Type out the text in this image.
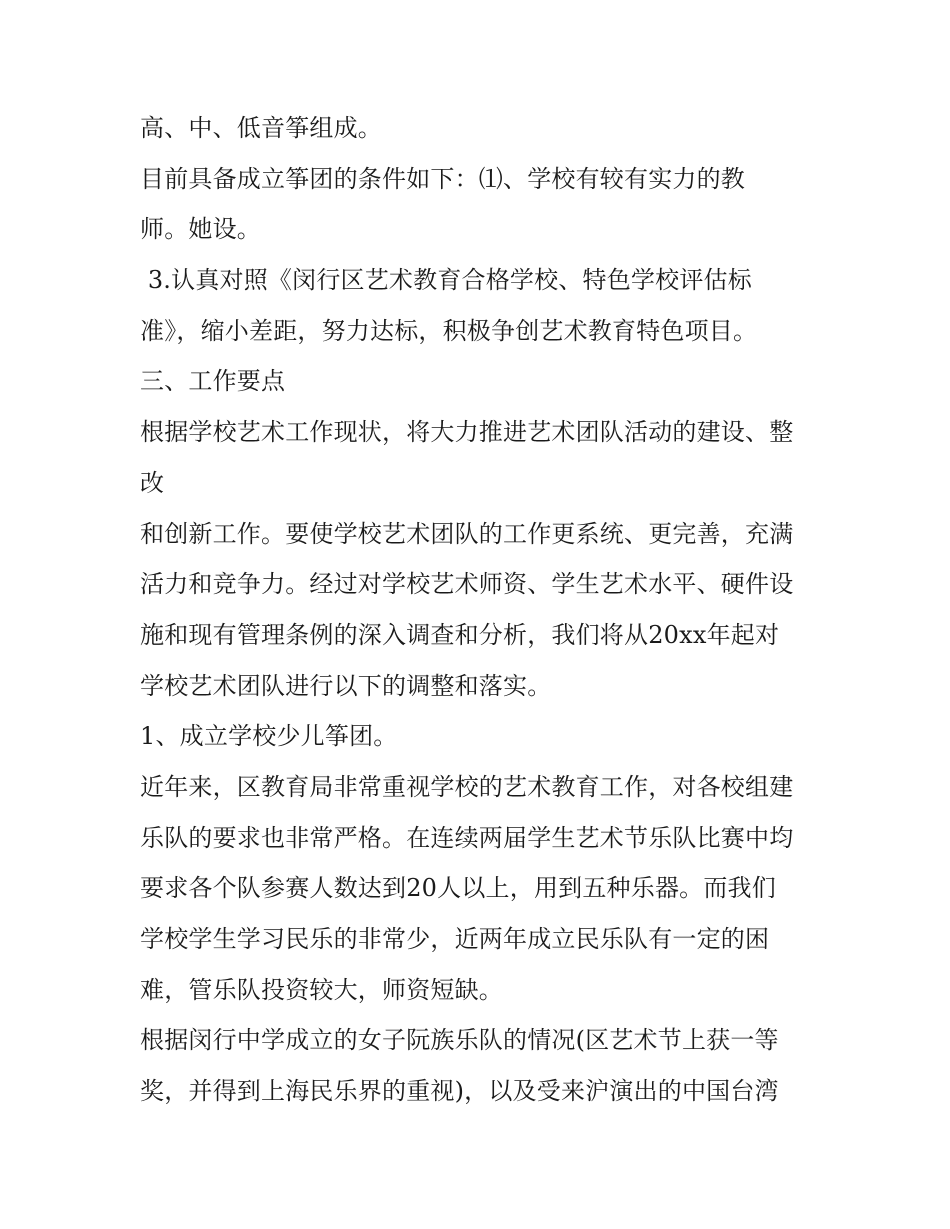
高、中、低音筝组成。
目前具备成立筝团的条件如下：⑴、学校有较有实力的教
师。她设。
3.认真对照《闵行区艺术教育合格学校、特色学校评估标
准》，缩小差距，努力达标，积极争创艺术教育特色项目。
三、工作要点
根据学校艺术工作现状，将大力推进艺术团队活动的建设、整
改
和创新工作。要使学校艺术团队的工作更系统、更完善，充满
活力和竞争力。经过对学校艺术师资、学生艺术水平、硬件设
施和现有管理条例的深入调查和分析，我们将从20xx年起对
学校艺术团队进行以下的调整和落实。
1、成立学校少儿筝团。
近年来，区教育局非常重视学校的艺术教育工作，对各校组建
乐队的要求也非常严格。在连续两届学生艺术节乐队比赛中均
要求各个队参赛人数达到20人以上，用到五种乐器。而我们
学校学生学习民乐的非常少，近两年成立民乐队有一定的困
难，管乐队投资较大，师资短缺。
根据闵行中学成立的女子阮族乐队的情况(区艺术节上获一等
奖，并得到上海民乐界的重视)，以及受来沪演出的中国台湾
